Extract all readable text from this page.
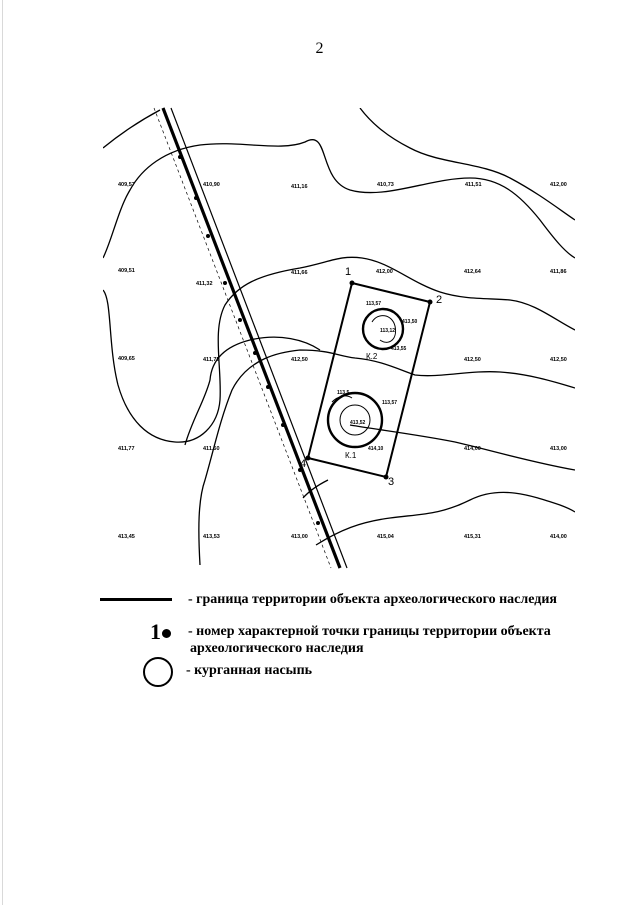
2
1
2
3
4
409,57	410,90	411,16	410,73	411,51	412,00
409,51
411,32
411,66	412,00	412,64	411,86
409,65	411,75	412,50	412,50	412,50
411,77	411,50	414,00	413,00
413,45	413,53	413,00	415,04	415,31	414,00
113,57
413,50
113,12
413,55
113,5
113,57
413,52
414,10
К.2
К.1
- граница территории объекта археологического наследия
1	- номер характерной точки границы территории объекта
археологического наследия
- курганная насыпь
